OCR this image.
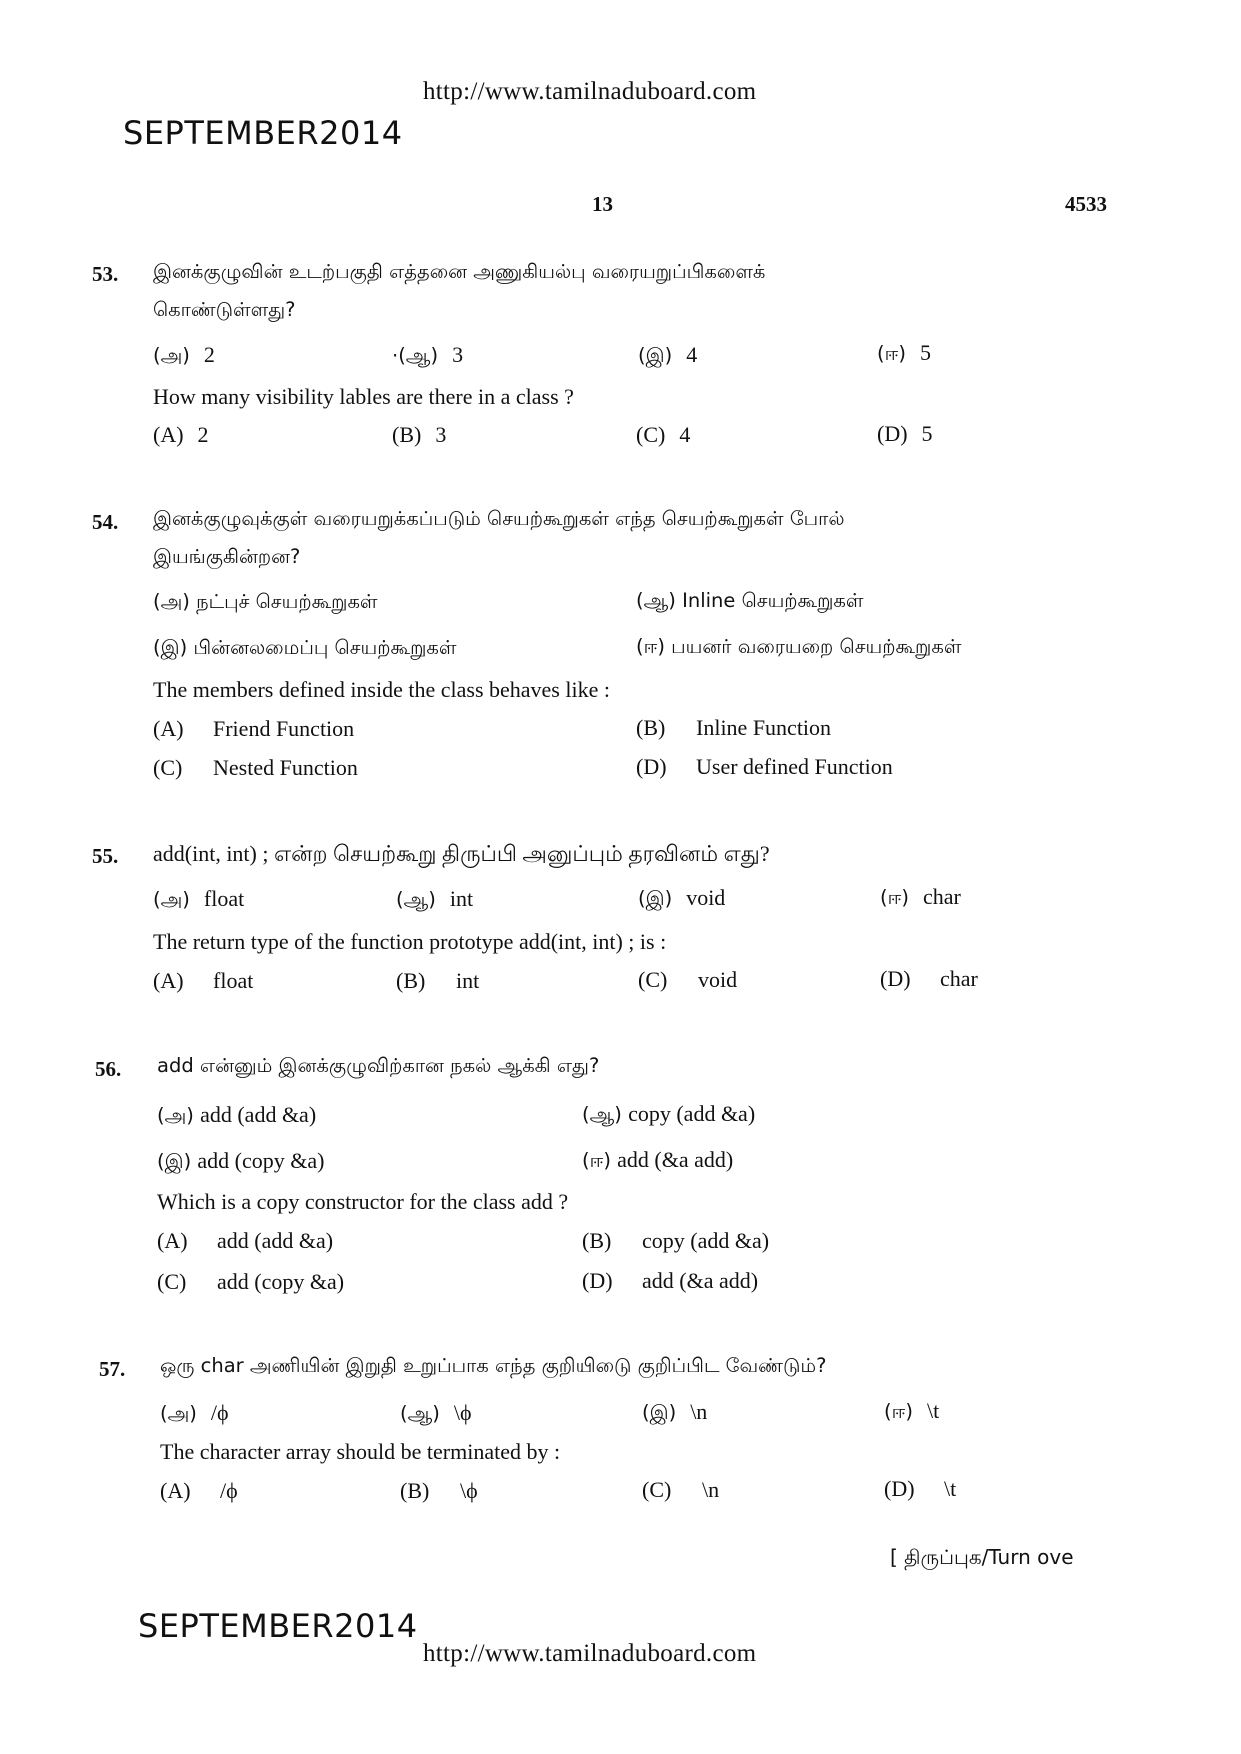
http://www.tamilnaduboard.com
SEPTEMBER2014
13	4533
53. இனக்குழுவின் உடற்பகுதி எத்தனை அணுகியல்பு வரையறுப்பிகளைக்
கொண்டுள்ளது?
(அ) 2	·(ஆ) 3	(இ) 4	(ஈ) 5
How many visibility lables are there in a class ?
(A) 2	(B) 3	(C) 4	(D) 5
54. இனக்குழுவுக்குள் வரையறுக்கப்படும் செயற்கூறுகள் எந்த செயற்கூறுகள் போல்
இயங்குகின்றன?
(அ) நட்புச் செயற்கூறுகள்	(ஆ) Inline செயற்கூறுகள்
(இ) பின்னலமைப்பு செயற்கூறுகள்	(ஈ) பயனர் வரையறை செயற்கூறுகள்
The members defined inside the class behaves like :
(A) Friend Function	(B) Inline Function
(C) Nested Function	(D) User defined Function
55. add(int, int) ; என்ற செயற்கூறு திருப்பி அனுப்பும் தரவினம் எது?
(அ) float	(ஆ) int	(இ) void	(ஈ) char
The return type of the function prototype add(int, int) ; is :
(A) float	(B) int	(C) void	(D) char
56. add என்னும் இனக்குழுவிற்கான நகல் ஆக்கி எது?
(அ) add (add &a)	(ஆ) copy (add &a)
(இ) add (copy &a)	(ஈ) add (&a add)
Which is a copy constructor for the class add ?
(A) add (add &a)	(B) copy (add &a)
(C) add (copy &a)	(D) add (&a add)
57. ஒரு char அணியின் இறுதி உறுப்பாக எந்த குறியிடுை குறிப்பிட வேண்டும்?
(அ) /ϕ	(ஆ) \ϕ	(இ) \n	(ஈ) \t
The character array should be terminated by :
(A) /ϕ	(B) \ϕ	(C) \n	(D) \t
[ திருப்புக/Turn ove
SEPTEMBER2014
http://www.tamilnaduboard.com
